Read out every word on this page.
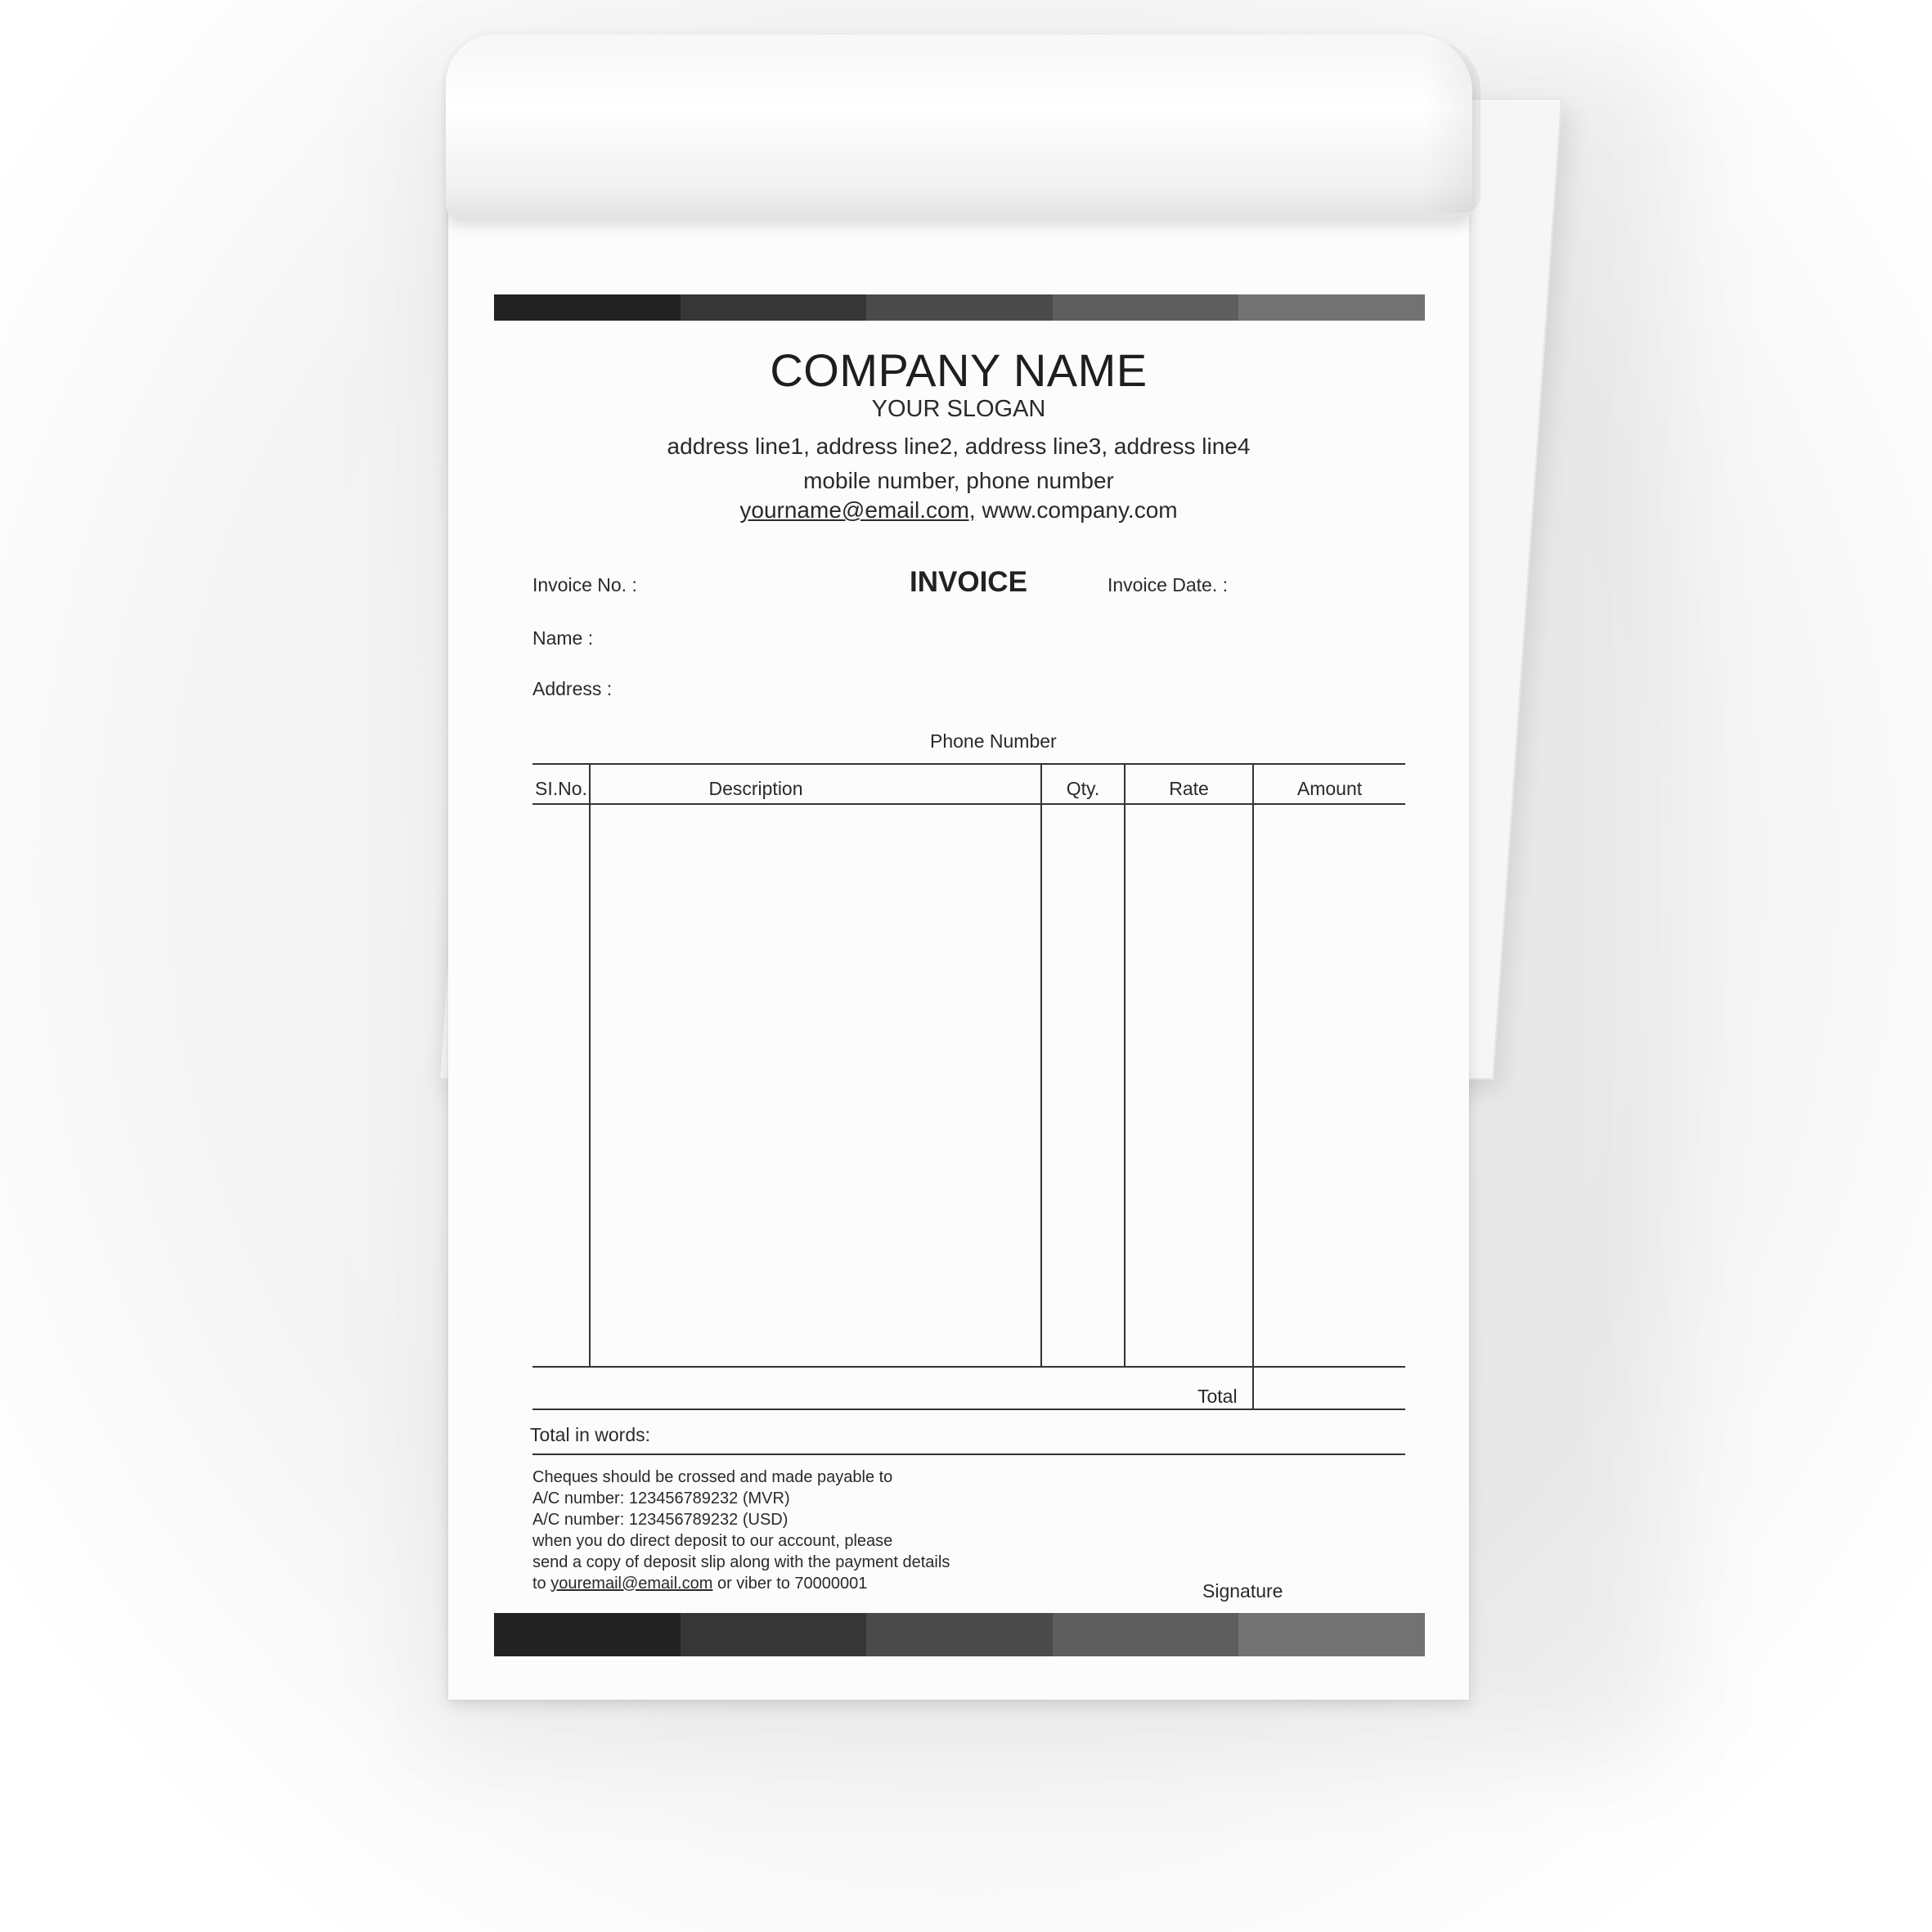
COMPANY NAME
YOUR SLOGAN
address line1, address line2, address line3, address line4
mobile number, phone number
yourname@email.com, www.company.com
Invoice No. :	INVOICE	Invoice Date. :
Name :
Address :
Phone Number
SI.No.	Description	Qty.	Rate	Amount
Total
Total in words:
Cheques should be crossed and made payable to
A/C number: 123456789232 (MVR)
A/C number: 123456789232 (USD)
when you do direct deposit to our account, please
send a copy of deposit slip along with the payment details
to youremail@email.com or viber to 70000001	Signature
